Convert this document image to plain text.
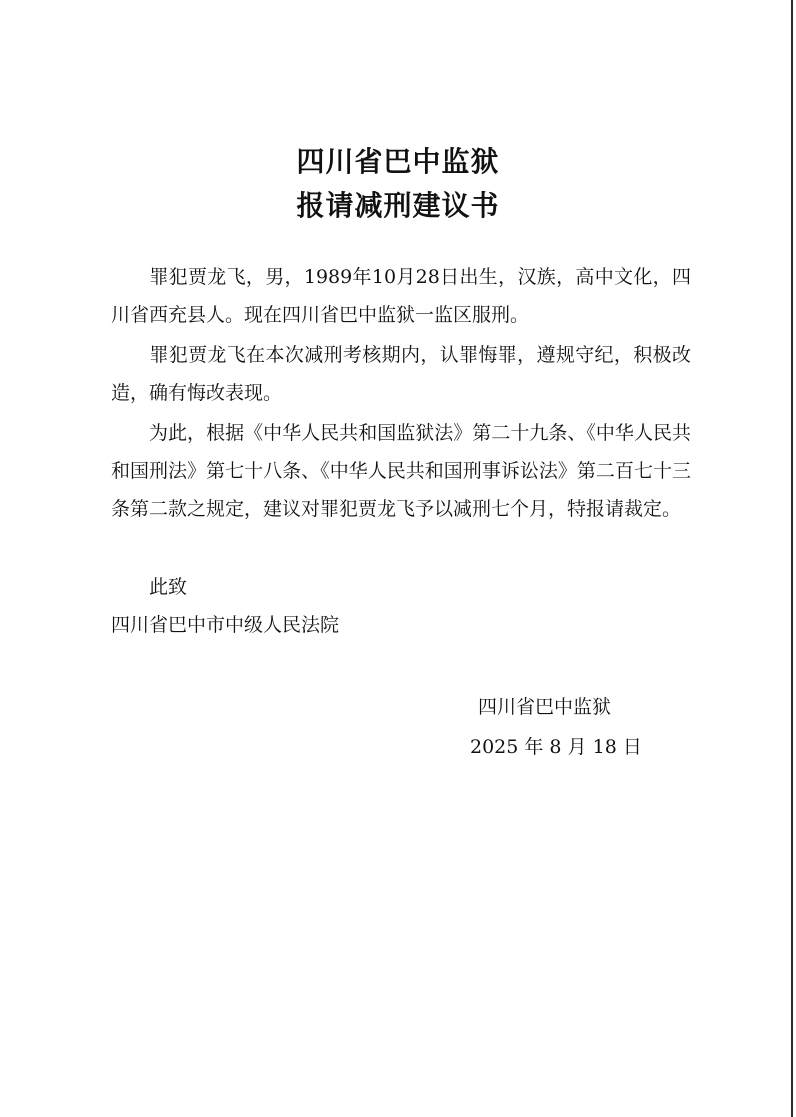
四川省巴中监狱
报请减刑建议书

罪犯贾龙飞，男，1989年10月28日出生，汉族，高中文化，四川省西充县人。现在四川省巴中监狱一监区服刑。

罪犯贾龙飞在本次减刑考核期内，认罪悔罪，遵规守纪，积极改造，确有悔改表现。

为此，根据《中华人民共和国监狱法》第二十九条、《中华人民共和国刑法》第七十八条、《中华人民共和国刑事诉讼法》第二百七十三条第二款之规定，建议对罪犯贾龙飞予以减刑七个月，特报请裁定。

此致

四川省巴中市中级人民法院

四川省巴中监狱

2025 年 8 月 18 日
